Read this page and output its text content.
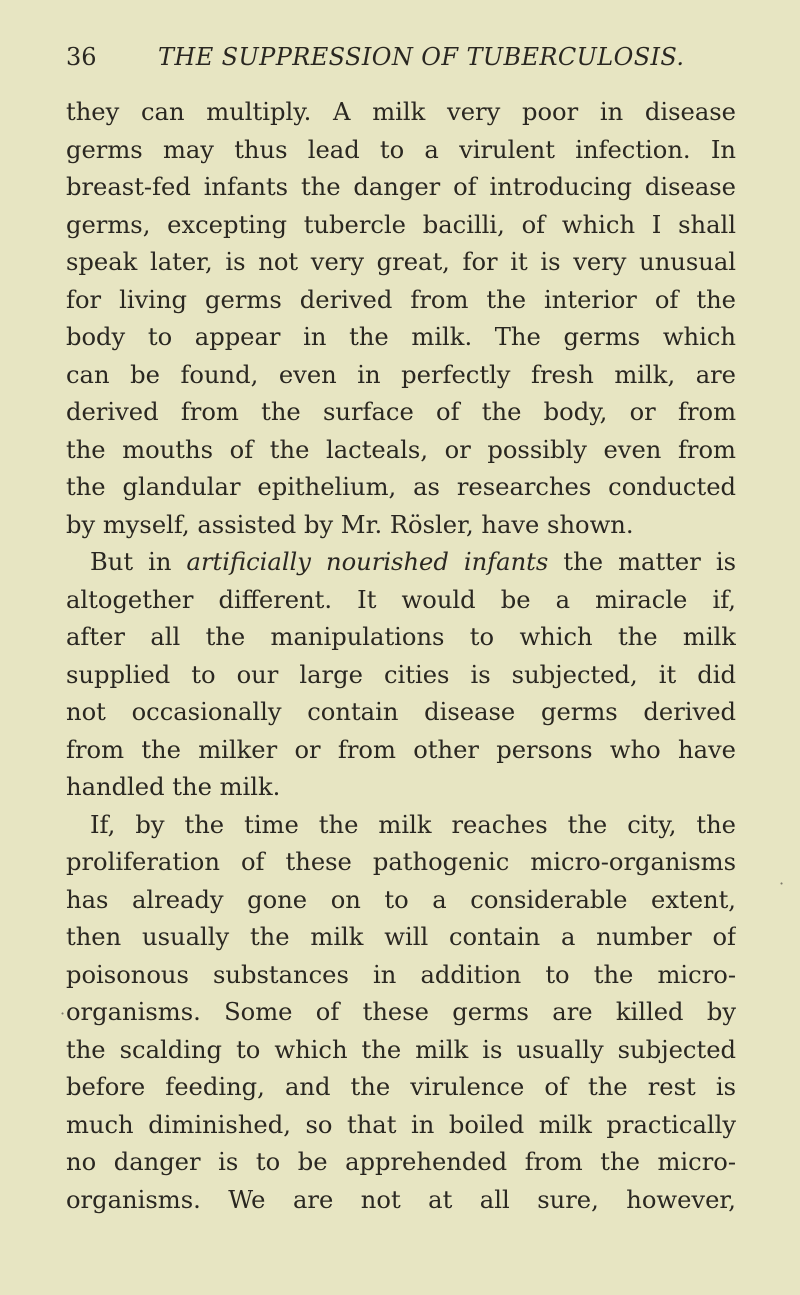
36	THE SUPPRESSION OF TUBERCULOSIS.
they can multiply. A milk very poor in disease
germs may thus lead to a virulent infection. In
breast-fed infants the danger of introducing disease
germs, excepting tubercle bacilli, of which I shall
speak later, is not very great, for it is very unusual
for living germs derived from the interior of the
body to appear in the milk. The germs which
can be found, even in perfectly fresh milk, are
derived from the surface of the body, or from
the mouths of the lacteals, or possibly even from
the glandular epithelium, as researches conducted
by myself, assisted by Mr. Rösler, have shown.
But in artificially nourished infants the matter is
altogether different. It would be a miracle if,
after all the manipulations to which the milk
supplied to our large cities is subjected, it did
not occasionally contain disease germs derived
from the milker or from other persons who have
handled the milk.
If, by the time the milk reaches the city, the
proliferation of these pathogenic micro-organisms
has already gone on to a considerable extent,
then usually the milk will contain a number of
poisonous substances in addition to the micro-
organisms. Some of these germs are killed by
the scalding to which the milk is usually subjected
before feeding, and the virulence of the rest is
much diminished, so that in boiled milk practically
no danger is to be apprehended from the micro-
organisms. We are not at all sure, however,
·
·
